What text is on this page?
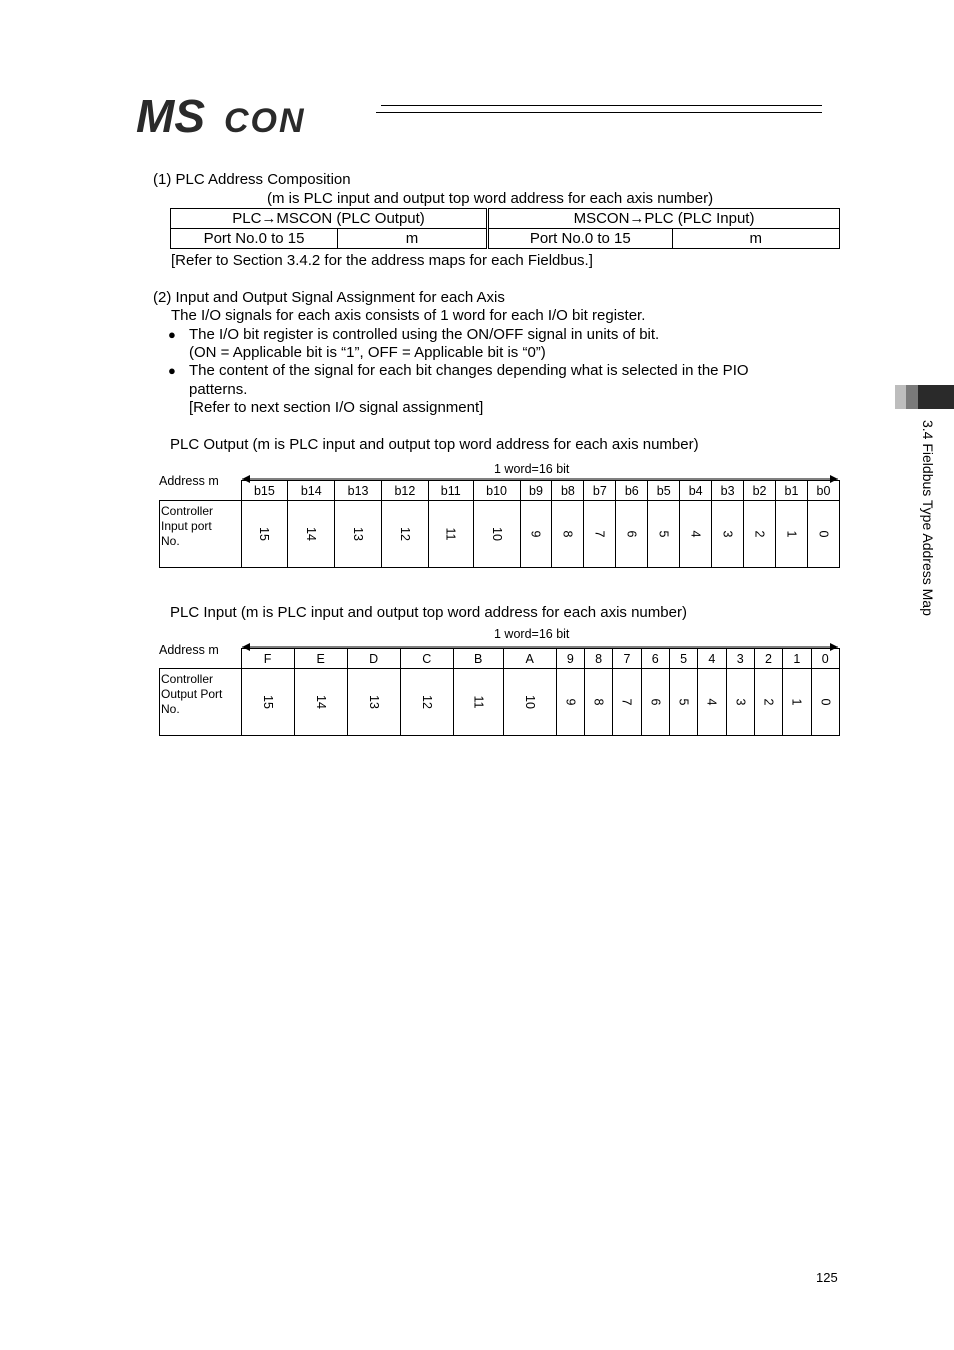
MS CON
3.4 Fieldbus Type Address Map
(1) PLC Address Composition
(m is PLC input and output top word address for each axis number)
PLC→MSCON (PLC Output)		MSCON→PLC (PLC Input)	
Port No.0 to 15	m	Port No.0 to 15	m
[Refer to Section 3.4.2 for the address maps for each Fieldbus.]
(2) Input and Output Signal Assignment for each Axis
The I/O signals for each axis consists of 1 word for each I/O bit register.
● The I/O bit register is controlled using the ON/OFF signal in units of bit.
(ON = Applicable bit is “1”, OFF = Applicable bit is “0”)
● The content of the signal for each bit changes depending what is selected in the PIO
patterns.
[Refer to next section I/O signal assignment]
PLC Output (m is PLC input and output top word address for each axis number)
Address m
1 word=16 bit
	b15	b14	b13	b12	b11	b10	b9	b8	b7	b6	b5	b4	b3	b2	b1	b0

Controller
Input port
No.	15	14	13	12	11	10	9	8	7	6	5	4	3	2	1	0
PLC Input (m is PLC input and output top word address for each axis number)
Address m
1 word=16 bit
	F	E	D	C	B	A	9	8	7	6	5	4	3	2	1	0

Controller
Output Port
No.	15	14	13	12	11	10	9	8	7	6	5	4	3	2	1	0
125
